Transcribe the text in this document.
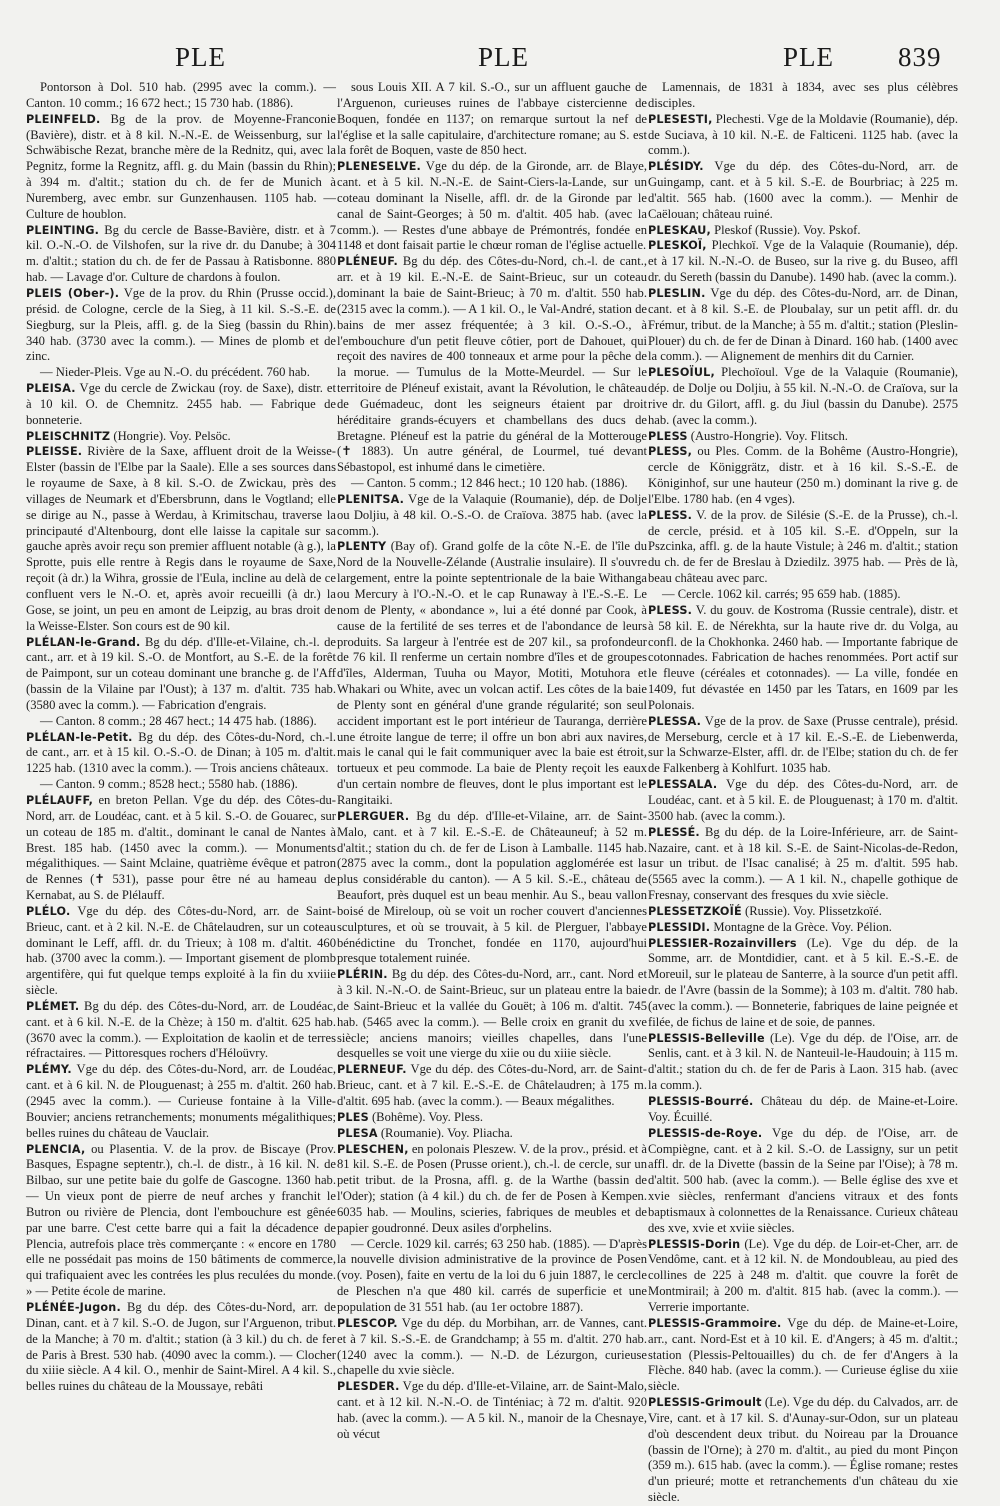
PLE	PLE	PLE 839

Pontorson à Dol. 510 hab. (2995 avec la comm.). — Canton. 10 comm.; 16 672 hect.; 15 730 hab. (1886).

PLEINFELD. Bg de la prov. de Moyenne-Franconie (Bavière), distr. et à 8 kil. N.-N.-E. de Weissenburg, sur la Schwäbische Rezat, branche mère de la Rednitz, qui, avec la Pegnitz, forme la Regnitz, affl. g. du Main (bassin du Rhin); à 394 m. d'altit.; station du ch. de fer de Munich à Nuremberg, avec embr. sur Gunzenhausen. 1105 hab. — Culture de houblon.

PLEINTING. Bg du cercle de Basse-Bavière, distr. et à 7 kil. O.-N.-O. de Vilshofen, sur la rive dr. du Danube; à 304 m. d'altit.; station du ch. de fer de Passau à Ratisbonne. 880 hab. — Lavage d'or. Culture de chardons à foulon.

PLEIS (Ober-). Vge de la prov. du Rhin (Prusse occid.), présid. de Cologne, cercle de la Sieg, à 11 kil. S.-S.-E. de Siegburg, sur la Pleis, affl. g. de la Sieg (bassin du Rhin). 340 hab. (3730 avec la comm.). — Mines de plomb et de zinc.

— Nieder-Pleis. Vge au N.-O. du précédent. 760 hab.

PLEISA. Vge du cercle de Zwickau (roy. de Saxe), distr. et à 10 kil. O. de Chemnitz. 2455 hab. — Fabrique de bonneterie.

PLEISCHNITZ (Hongrie). Voy. Pelsöc.

PLEISSE. Rivière de la Saxe, affluent droit de la Weisse-Elster (bassin de l'Elbe par la Saale). Elle a ses sources dans le royaume de Saxe, à 8 kil. S.-O. de Zwickau, près des villages de Neumark et d'Ebersbrunn, dans le Vogtland; elle se dirige au N., passe à Werdau, à Krimitschau, traverse la principauté d'Altenbourg, dont elle laisse la capitale sur sa gauche après avoir reçu son premier affluent notable (à g.), la Sprotte, puis elle rentre à Regis dans le royaume de Saxe, reçoit (à dr.) la Wihra, grossie de l'Eula, incline au delà de ce confluent vers le N.-O. et, après avoir recueilli (à dr.) la Gose, se joint, un peu en amont de Leipzig, au bras droit de la Weisse-Elster. Son cours est de 90 kil.

PLÉLAN-le-Grand. Bg du dép. d'Ille-et-Vilaine, ch.-l. de cant., arr. et à 19 kil. S.-O. de Montfort, au S.-E. de la forêt de Paimpont, sur un coteau dominant une branche g. de l'Aff (bassin de la Vilaine par l'Oust); à 137 m. d'altit. 735 hab. (3580 avec la comm.). — Fabrication d'engrais.

— Canton. 8 comm.; 28 467 hect.; 14 475 hab. (1886).

PLÉLAN-le-Petit. Bg du dép. des Côtes-du-Nord, ch.-l. de cant., arr. et à 15 kil. O.-S.-O. de Dinan; à 105 m. d'altit. 1225 hab. (1310 avec la comm.). — Trois anciens châteaux.

— Canton. 9 comm.; 8528 hect.; 5580 hab. (1886).

PLÉLAUFF, en breton Pellan. Vge du dép. des Côtes-du-Nord, arr. de Loudéac, cant. et à 5 kil. S.-O. de Gouarec, sur un coteau de 185 m. d'altit., dominant le canal de Nantes à Brest. 185 hab. (1450 avec la comm.). — Monuments mégalithiques. — Saint Mclaine, quatrième évêque et patron de Rennes (✝ 531), passe pour être né au hameau de Kernabat, au S. de Plélauff.

PLÉLO. Vge du dép. des Côtes-du-Nord, arr. de Saint-Brieuc, cant. et à 2 kil. N.-E. de Châtelaudren, sur un coteau dominant le Leff, affl. dr. du Trieux; à 108 m. d'altit. 460 hab. (3700 avec la comm.). — Important gisement de plomb argentifère, qui fut quelque temps exploité à la fin du xviiie siècle.

PLÉMET. Bg du dép. des Côtes-du-Nord, arr. de Loudéac, cant. et à 6 kil. N.-E. de la Chèze; à 150 m. d'altit. 625 hab. (3670 avec la comm.). — Exploitation de kaolin et de terres réfractaires. — Pittoresques rochers d'Héloüvry.

PLÉMY. Vge du dép. des Côtes-du-Nord, arr. de Loudéac, cant. et à 6 kil. N. de Plouguenast; à 255 m. d'altit. 260 hab. (2945 avec la comm.). — Curieuse fontaine à la Ville-Bouvier; anciens retranchements; monuments mégalithiques; belles ruines du château de Vauclair.

PLENCIA, ou Plasentia. V. de la prov. de Biscaye (Prov. Basques, Espagne septentr.), ch.-l. de distr., à 16 kil. N. de Bilbao, sur une petite baie du golfe de Gascogne. 1360 hab. — Un vieux pont de pierre de neuf arches y franchit le Butron ou rivière de Plencia, dont l'embouchure est gênée par une barre. C'est cette barre qui a fait la décadence de Plencia, autrefois place très commerçante : « encore en 1780 elle ne possédait pas moins de 150 bâtiments de commerce, qui trafiquaient avec les contrées les plus reculées du monde. » — Petite école de marine.

PLÉNÉE-Jugon. Bg du dép. des Côtes-du-Nord, arr. de Dinan, cant. et à 7 kil. S.-O. de Jugon, sur l'Arguenon, tribut. de la Manche; à 70 m. d'altit.; station (à 3 kil.) du ch. de fer de Paris à Brest. 530 hab. (4090 avec la comm.). — Clocher du xiiie siècle. A 4 kil. O., menhir de Saint-Mirel. A 4 kil. S., belles ruines du château de la Moussaye, rebâti

sous Louis XII. A 7 kil. S.-O., sur un affluent gauche de l'Arguenon, curieuses ruines de l'abbaye cistercienne de Boquen, fondée en 1137; on remarque surtout la nef de l'église et la salle capitulaire, d'architecture romane; au S. est la forêt de Boquen, vaste de 850 hect.

PLENESELVE. Vge du dép. de la Gironde, arr. de Blaye, cant. et à 5 kil. N.-N.-E. de Saint-Ciers-la-Lande, sur un coteau dominant la Niselle, affl. dr. de la Gironde par le canal de Saint-Georges; à 50 m. d'altit. 405 hab. (avec la comm.). — Restes d'une abbaye de Prémontrés, fondée en 1148 et dont faisait partie le chœur roman de l'église actuelle.

PLÉNEUF. Bg du dép. des Côtes-du-Nord, ch.-l. de cant., arr. et à 19 kil. E.-N.-E. de Saint-Brieuc, sur un coteau dominant la baie de Saint-Brieuc; à 70 m. d'altit. 550 hab. (2315 avec la comm.). — A 1 kil. O., le Val-André, station de bains de mer assez fréquentée; à 3 kil. O.-S.-O., à l'embouchure d'un petit fleuve côtier, port de Dahouet, qui reçoit des navires de 400 tonneaux et arme pour la pêche de la morue. — Tumulus de la Motte-Meurdel. — Sur le territoire de Pléneuf existait, avant la Révolution, le château de Guémadeuc, dont les seigneurs étaient par droit héréditaire grands-écuyers et chambellans des ducs de Bretagne. Pléneuf est la patrie du général de la Motterouge (✝ 1883). Un autre général, de Lourmel, tué devant Sébastopol, est inhumé dans le cimetière.

— Canton. 5 comm.; 12 846 hect.; 10 120 hab. (1886).

PLENITSA. Vge de la Valaquie (Roumanie), dép. de Dolje ou Doljiu, à 48 kil. O.-S.-O. de Craïova. 3875 hab. (avec la comm.).

PLENTY (Bay of). Grand golfe de la côte N.-E. de l'île du Nord de la Nouvelle-Zélande (Australie insulaire). Il s'ouvre largement, entre la pointe septentrionale de la baie Withanga ou Mercury à l'O.-N.-O. et le cap Runaway à l'E.-S.-E. Le nom de Plenty, « abondance », lui a été donné par Cook, à cause de la fertilité de ses terres et de l'abondance de leurs produits. Sa largeur à l'entrée est de 207 kil., sa profondeur de 76 kil. Il renferme un certain nombre d'îles et de groupes d'îles, Alderman, Tuuha ou Mayor, Motiti, Motuhora et Whakari ou White, avec un volcan actif. Les côtes de la baie de Plenty sont en général d'une grande régularité; son seul accident important est le port intérieur de Tauranga, derrière une étroite langue de terre; il offre un bon abri aux navires, mais le canal qui le fait communiquer avec la baie est étroit, tortueux et peu commode. La baie de Plenty reçoit les eaux d'un certain nombre de fleuves, dont le plus important est le Rangitaiki.

PLERGUER. Bg du dép. d'Ille-et-Vilaine, arr. de Saint-Malo, cant. et à 7 kil. E.-S.-E. de Châteauneuf; à 52 m. d'altit.; station du ch. de fer de Lison à Lamballe. 1145 hab. (2875 avec la comm., dont la population agglomérée est la plus considérable du canton). — A 5 kil. S.-E., château de Beaufort, près duquel est un beau menhir. Au S., beau vallon boisé de Mireloup, où se voit un rocher couvert d'anciennes sculptures, et où se trouvait, à 5 kil. de Plerguer, l'abbaye bénédictine du Tronchet, fondée en 1170, aujourd'hui presque totalement ruinée.

PLÉRIN. Bg du dép. des Côtes-du-Nord, arr., cant. Nord et à 3 kil. N.-N.-O. de Saint-Brieuc, sur un plateau entre la baie de Saint-Brieuc et la vallée du Gouët; à 106 m. d'altit. 745 hab. (5465 avec la comm.). — Belle croix en granit du xve siècle; anciens manoirs; vieilles chapelles, dans l'une desquelles se voit une vierge du xiie ou du xiiie siècle.

PLERNEUF. Vge du dép. des Côtes-du-Nord, arr. de Saint-Brieuc, cant. et à 7 kil. E.-S.-E. de Châtelaudren; à 175 m. d'altit. 695 hab. (avec la comm.). — Beaux mégalithes.

PLES (Bohême). Voy. Pless.

PLESA (Roumanie). Voy. Pliacha.

PLESCHEN, en polonais Pleszew. V. de la prov., présid. et à 81 kil. S.-E. de Posen (Prusse orient.), ch.-l. de cercle, sur un petit tribut. de la Prosna, affl. g. de la Warthe (bassin de l'Oder); station (à 4 kil.) du ch. de fer de Posen à Kempen. 6035 hab. — Moulins, scieries, fabriques de meubles et de papier goudronné. Deux asiles d'orphelins.

— Cercle. 1029 kil. carrés; 63 250 hab. (1885). — D'après la nouvelle division administrative de la province de Posen (voy. Posen), faite en vertu de la loi du 6 juin 1887, le cercle de Pleschen n'a que 480 kil. carrés de superficie et une population de 31 551 hab. (au 1er octobre 1887).

PLESCOP. Vge du dép. du Morbihan, arr. de Vannes, cant. et à 7 kil. S.-S.-E. de Grandchamp; à 55 m. d'altit. 270 hab. (1240 avec la comm.). — N.-D. de Lézurgon, curieuse chapelle du xvie siècle.

PLESDER. Vge du dép. d'Ille-et-Vilaine, arr. de Saint-Malo, cant. et à 12 kil. N.-N.-O. de Tinténiac; à 72 m. d'altit. 920 hab. (avec la comm.). — A 5 kil. N., manoir de la Chesnaye, où vécut

Lamennais, de 1831 à 1834, avec ses plus célèbres disciples.

PLESESTI, Plechesti. Vge de la Moldavie (Roumanie), dép. de Suciava, à 10 kil. N.-E. de Falticeni. 1125 hab. (avec la comm.).

PLÉSIDY. Vge du dép. des Côtes-du-Nord, arr. de Guingamp, cant. et à 5 kil. S.-E. de Bourbriac; à 225 m. d'altit. 565 hab. (1600 avec la comm.). — Menhir de Caëlouan; château ruiné.

PLESKAU, Pleskof (Russie). Voy. Pskof.

PLESKOÏ, Plechkoï. Vge de la Valaquie (Roumanie), dép. et à 17 kil. N.-N.-O. de Buseo, sur la rive g. du Buseo, affl dr. du Sereth (bassin du Danube). 1490 hab. (avec la comm.).

PLESLIN. Vge du dép. des Côtes-du-Nord, arr. de Dinan, cant. et à 8 kil. S.-E. de Ploubalay, sur un petit affl. dr. du Frémur, tribut. de la Manche; à 55 m. d'altit.; station (Pleslin-Plouer) du ch. de fer de Dinan à Dinard. 160 hab. (1400 avec la comm.). — Alignement de menhirs dit du Carnier.

PLESOÏUL, Plechoïoul. Vge de la Valaquie (Roumanie), dép. de Dolje ou Doljiu, à 55 kil. N.-N.-O. de Craïova, sur la rive dr. du Gilort, affl. g. du Jiul (bassin du Danube). 2575 hab. (avec la comm.).

PLESS (Austro-Hongrie). Voy. Flitsch.

PLESS, ou Ples. Comm. de la Bohême (Austro-Hongrie), cercle de Königgrätz, distr. et à 16 kil. S.-S.-E. de Königinhof, sur une hauteur (250 m.) dominant la rive g. de l'Elbe. 1780 hab. (en 4 vges).

PLESS. V. de la prov. de Silésie (S.-E. de la Prusse), ch.-l. de cercle, présid. et à 105 kil. S.-E. d'Oppeln, sur la Pszcinka, affl. g. de la haute Vistule; à 246 m. d'altit.; station du ch. de fer de Breslau à Dziedilz. 3975 hab. — Près de là, beau château avec parc.

— Cercle. 1062 kil. carrés; 95 659 hab. (1885).

PLESS. V. du gouv. de Kostroma (Russie centrale), distr. et à 58 kil. E. de Nérekhta, sur la haute rive dr. du Volga, au confl. de la Chokhonka. 2460 hab. — Importante fabrique de cotonnades. Fabrication de haches renommées. Port actif sur le fleuve (céréales et cotonnades). — La ville, fondée en 1409, fut dévastée en 1450 par les Tatars, en 1609 par les Polonais.

PLESSA. Vge de la prov. de Saxe (Prusse centrale), présid. de Merseburg, cercle et à 17 kil. E.-S.-E. de Liebenwerda, sur la Schwarze-Elster, affl. dr. de l'Elbe; station du ch. de fer de Falkenberg à Kohlfurt. 1035 hab.

PLESSALA. Vge du dép. des Côtes-du-Nord, arr. de Loudéac, cant. et à 5 kil. E. de Plouguenast; à 170 m. d'altit. 3500 hab. (avec la comm.).

PLESSÉ. Bg du dép. de la Loire-Inférieure, arr. de Saint-Nazaire, cant. et à 18 kil. S.-E. de Saint-Nicolas-de-Redon, sur un tribut. de l'Isac canalisé; à 25 m. d'altit. 595 hab. (5565 avec la comm.). — A 1 kil. N., chapelle gothique de Fresnay, conservant des fresques du xvie siècle.

PLESSETZKOÏÉ (Russie). Voy. Plissetzkoïé.

PLESSIDI. Montagne de la Grèce. Voy. Pélion.

PLESSIER-Rozainvillers (Le). Vge du dép. de la Somme, arr. de Montdidier, cant. et à 5 kil. E.-S.-E. de Moreuil, sur le plateau de Santerre, à la source d'un petit affl. dr. de l'Avre (bassin de la Somme); à 103 m. d'altit. 780 hab. (avec la comm.). — Bonneterie, fabriques de laine peignée et filée, de fichus de laine et de soie, de pannes.

PLESSIS-Belleville (Le). Vge du dép. de l'Oise, arr. de Senlis, cant. et à 3 kil. N. de Nanteuil-le-Haudouin; à 115 m. d'altit.; station du ch. de fer de Paris à Laon. 315 hab. (avec la comm.).

PLESSIS-Bourré. Château du dép. de Maine-et-Loire. Voy. Écuillé.

PLESSIS-de-Roye. Vge du dép. de l'Oise, arr. de Compiègne, cant. et à 2 kil. S.-O. de Lassigny, sur un petit affl. dr. de la Divette (bassin de la Seine par l'Oise); à 78 m. d'altit. 500 hab. (avec la comm.). — Belle église des xve et xvie siècles, renfermant d'anciens vitraux et des fonts baptismaux à colonnettes de la Renaissance. Curieux château des xve, xvie et xviie siècles.

PLESSIS-Dorin (Le). Vge du dép. de Loir-et-Cher, arr. de Vendôme, cant. et à 12 kil. N. de Mondoubleau, au pied des collines de 225 à 248 m. d'altit. que couvre la forêt de Montmirail; à 200 m. d'altit. 815 hab. (avec la comm.). — Verrerie importante.

PLESSIS-Grammoire. Vge du dép. de Maine-et-Loire, arr., cant. Nord-Est et à 10 kil. E. d'Angers; à 45 m. d'altit.; station (Plessis-Peltouailles) du ch. de fer d'Angers à la Flèche. 840 hab. (avec la comm.). — Curieuse église du xiie siècle.

PLESSIS-Grimoult (Le). Vge du dép. du Calvados, arr. de Vire, cant. et à 17 kil. S. d'Aunay-sur-Odon, sur un plateau d'où descendent deux tribut. du Noireau par la Drouance (bassin de l'Orne); à 270 m. d'altit., au pied du mont Pinçon (359 m.). 615 hab. (avec la comm.). — Église romane; restes d'un prieuré; motte et retranchements d'un château du xie siècle.
